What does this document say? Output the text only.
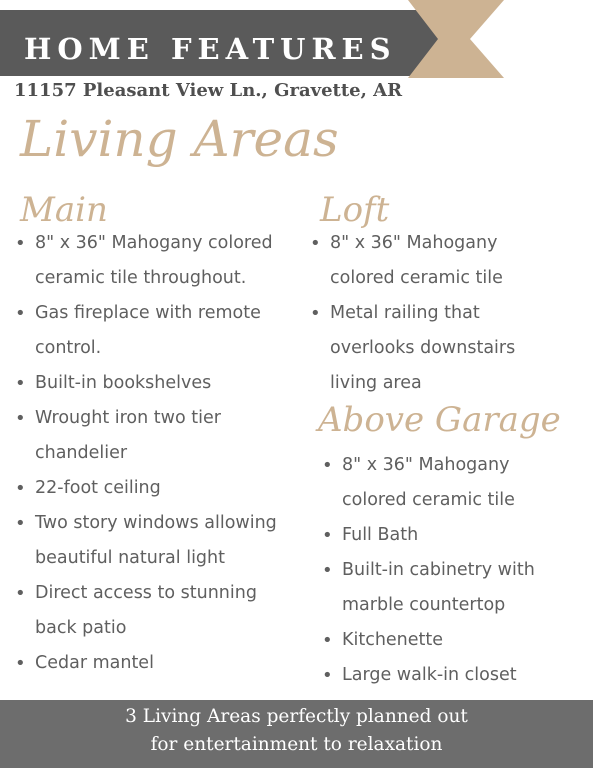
HOME FEATURES
11157 Pleasant View Ln., Gravette, AR
Living Areas
Main
• 8" x 36" Mahogany colored
ceramic tile throughout.
• Gas fireplace with remote
control.
• Built-in bookshelves
• Wrought iron two tier
chandelier
• 22-foot ceiling
• Two story windows allowing
beautiful natural light
• Direct access to stunning
back patio
• Cedar mantel
Loft
• 8" x 36" Mahogany
colored ceramic tile
• Metal railing that
overlooks downstairs
living area
Above Garage
• 8" x 36" Mahogany
colored ceramic tile
• Full Bath
• Built-in cabinetry with
marble countertop
• Kitchenette
• Large walk-in closet
3 Living Areas perfectly planned out
for entertainment to relaxation
